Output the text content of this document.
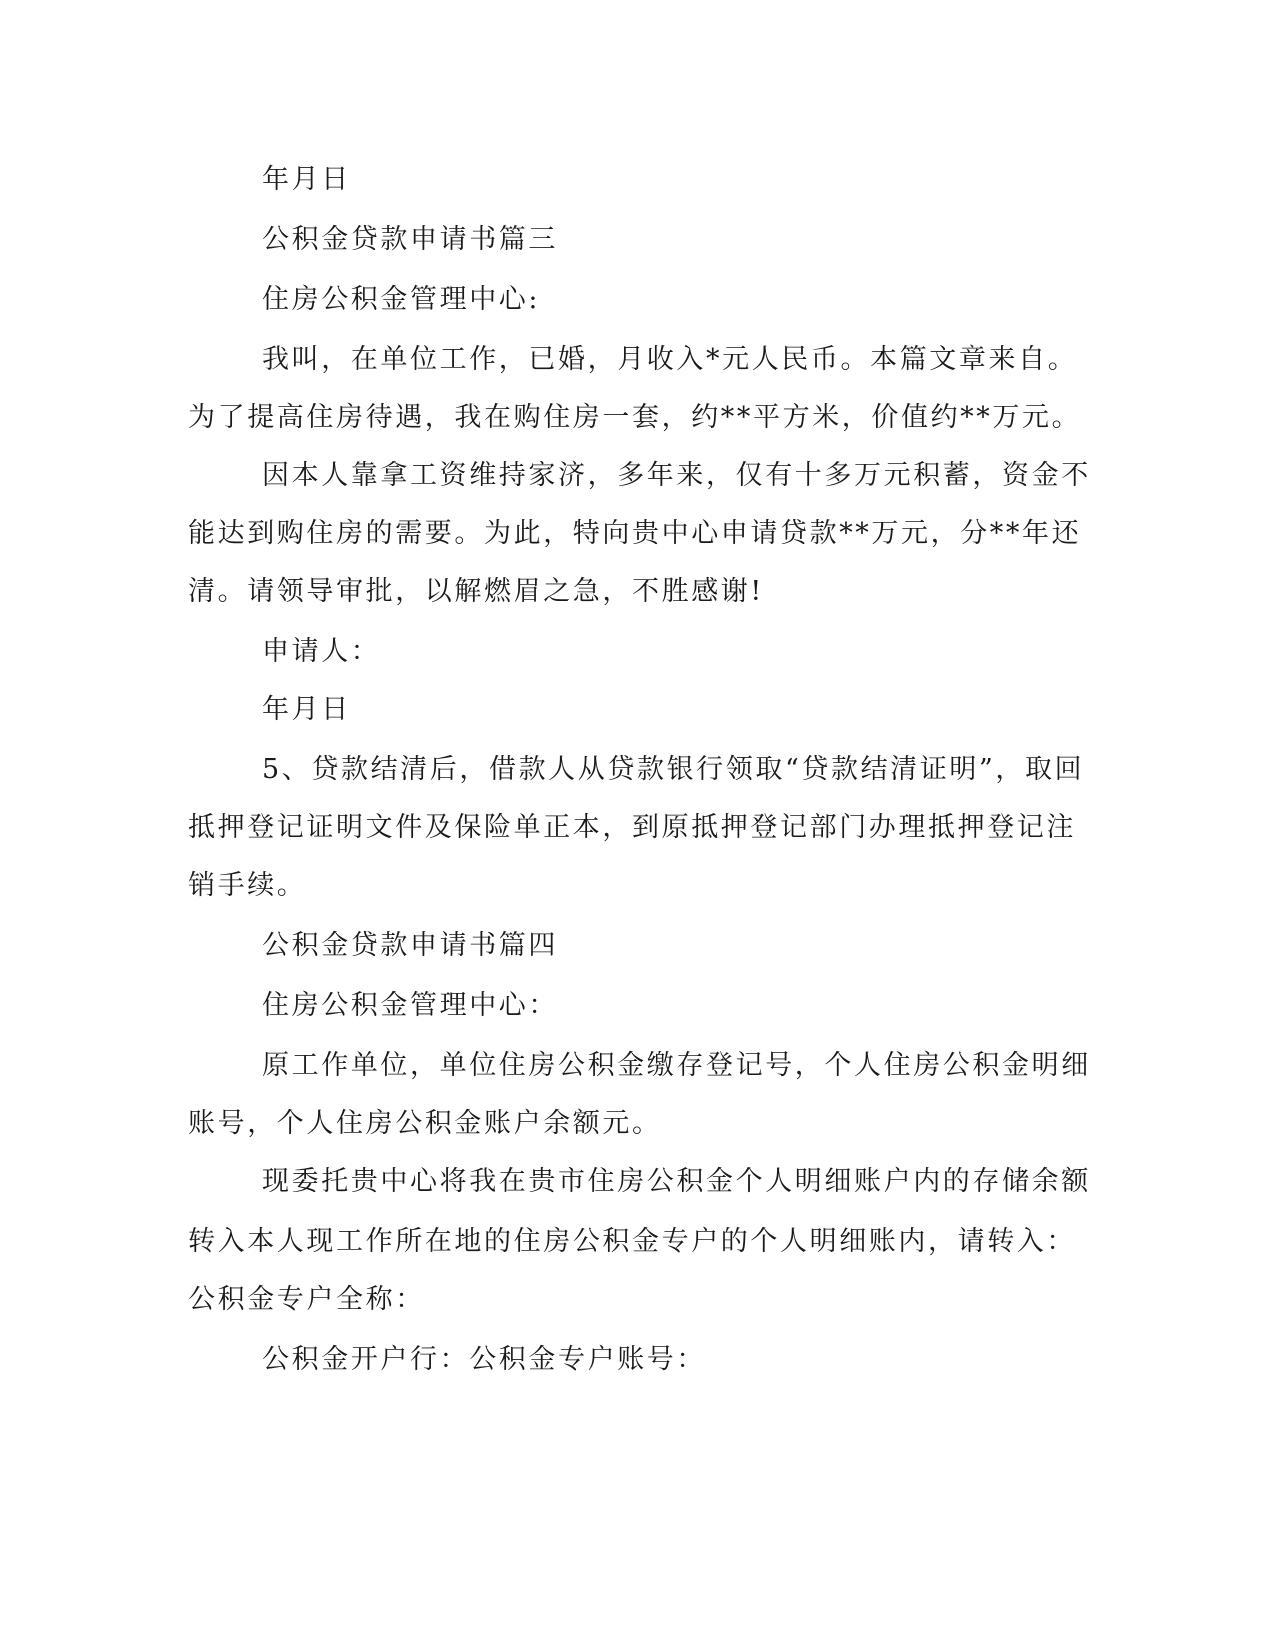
年月日
公积金贷款申请书篇三
住房公积金管理中心:
我叫，在单位工作，已婚，月收入*元人民币。本篇文章来自。
为了提高住房待遇，我在购住房一套，约**平方米，价值约**万元。
因本人靠拿工资维持家济，多年来，仅有十多万元积蓄，资金不
能达到购住房的需要。为此，特向贵中心申请贷款**万元，分**年还
清。请领导审批，以解燃眉之急，不胜感谢!
申请人：
年月日
5、贷款结清后，借款人从贷款银行领取“贷款结清证明”，取回
抵押登记证明文件及保险单正本，到原抵押登记部门办理抵押登记注
销手续。
公积金贷款申请书篇四
住房公积金管理中心：
原工作单位，单位住房公积金缴存登记号，个人住房公积金明细
账号，个人住房公积金账户余额元。
现委托贵中心将我在贵市住房公积金个人明细账户内的存储余额
转入本人现工作所在地的住房公积金专户的个人明细账内，请转入：
公积金专户全称：
公积金开户行：公积金专户账号：
